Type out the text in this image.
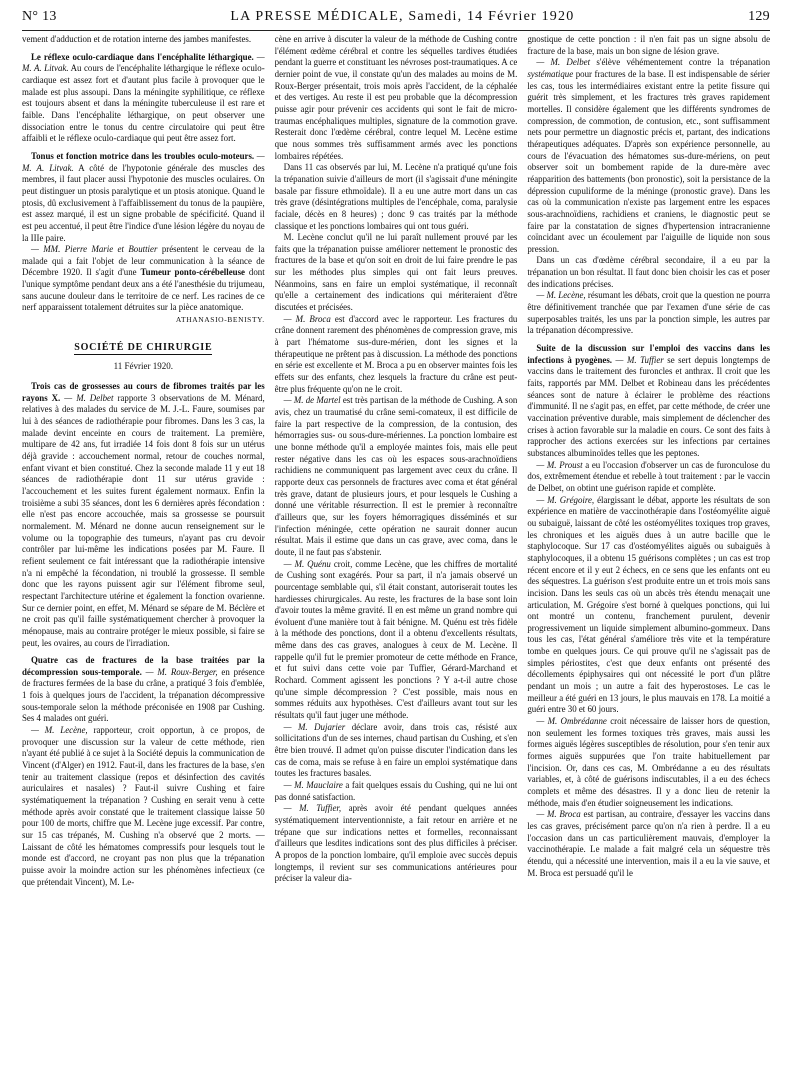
N° 13	LA PRESSE MÉDICALE, Samedi, 14 Février 1920	129

vement d'adduction et de rotation interne des jambes manifestes.

Le réflexe oculo-cardiaque dans l'encéphalite léthargique. — M. A. Litvak. Au cours de l'encéphalite léthargique le réflexe oculo-cardiaque est assez fort et d'autant plus facile à provoquer que le malade est plus assoupi. Dans la méningite syphilitique, ce réflexe est toujours absent et dans la méningite tuberculeuse il est rare et faible. Dans l'encéphalite léthargique, on peut observer une dissociation entre le tonus du centre circulatoire qui peut être affaibli et le réflexe oculo-cardiaque qui peut être assez fort.

Tonus et fonction motrice dans les troubles oculo-moteurs. — M. A. Litvak. A côté de l'hypotonie générale des muscles des membres, il faut placer aussi l'hypotonie des muscles oculaires. On peut distinguer un ptosis paralytique et un ptosis atonique. Quand le ptosis, dû exclusivement à l'affaiblissement du tonus de la paupière, est assez marqué, il est un signe probable de spécificité. Quand il est peu accentué, il peut être l'indice d'une lésion légère du noyau de la IIIe paire.

— MM. Pierre Marie et Bouttier présentent le cerveau de la malade qui a fait l'objet de leur communication à la séance de Décembre 1920. Il s'agit d'une Tumeur ponto-cérébelleuse dont l'unique symptôme pendant deux ans a été l'anesthésie du trijumeau, sans aucune douleur dans le territoire de ce nerf. Les racines de ce nerf apparaissent totalement détruites sur la pièce anatomique.

ATHANASIO-BENISTY.

SOCIÉTÉ DE CHIRURGIE
11 Février 1920.

Trois cas de grossesses au cours de fibromes traités par les rayons X. — M. Delbet rapporte 3 observations de M. Ménard, relatives à des malades du service de M. J.-L. Faure, soumises par lui à des séances de radiothérapie pour fibromes. Dans les 3 cas, la malade devint enceinte en cours de traitement. La première, multipare de 42 ans, fut irradiée 14 fois dont 8 fois sur un utérus déjà gravide : accouchement normal, retour de couches normal, enfant vivant et bien constitué. Chez la seconde malade 11 y eut 18 séances de radiothérapie dont 11 sur utérus gravide : l'accouchement et les suites furent également normaux. Enfin la troisième a subi 35 séances, dont les 6 dernières après fécondation : elle n'est pas encore accouchée, mais sa grossesse se poursuit normalement. M. Ménard ne donne aucun renseignement sur le volume ou la topographie des tumeurs, n'ayant pas cru devoir contrôler par lui-même les indications posées par M. Faure. Il refient seulement ce fait intéressant que la radiothérapie intensive n'a ni empêché la fécondation, ni troublé la grossesse. Il semble donc que les rayons puissent agir sur l'élément fibrome seul, respectant l'architecture utérine et également la fonction ovarienne. Sur ce dernier point, en effet, M. Ménard se sépare de M. Béclère et ne croit pas qu'il faille systématiquement chercher à provoquer la ménopause, mais au contraire protéger le mieux possible, si faire se peut, les ovaires, au cours de l'irradiation.

Quatre cas de fractures de la base traitées par la décompression sous-temporale. — M. Roux-Berger, en présence de fractures fermées de la base du crâne, a pratiqué 3 fois d'emblée, 1 fois à quelques jours de l'accident, la trépanation décompressive sous-temporale selon la méthode préconisée en 1908 par Cushing. Ses 4 malades ont guéri.

— M. Lecène, rapporteur, croit opportun, à ce propos, de provoquer une discussion sur la valeur de cette méthode, rien n'ayant été publié à ce sujet à la Société depuis la communication de Vincent (d'Alger) en 1912. Faut-il, dans les fractures de la base, s'en tenir au traitement classique (repos et désinfection des cavités auriculaires et nasales) ? Faut-il suivre Cushing et faire systématiquement la trépanation ? Cushing en serait venu à cette méthode après avoir constaté que le traitement classique laisse 50 pour 100 de morts, chiffre que M. Lecène juge excessif. Par contre, sur 15 cas trépanés, M. Cushing n'a observé que 2 morts. — Laissant de côté les hématomes compressifs pour lesquels tout le monde est d'accord, ne croyant pas non plus que la trépanation puisse avoir la moindre action sur les phénomènes infectieux (ce que prétendait Vincent), M. Le-

cène en arrive à discuter la valeur de la méthode de Cushing contre l'élément œdème cérébral et contre les séquelles tardives étudiées pendant la guerre et constituant les névroses post-traumatiques. A ce dernier point de vue, il constate qu'un des malades au moins de M. Roux-Berger présentait, trois mois après l'accident, de la céphalée et des vertiges. Au reste il est peu probable que la décompression puisse agir pour prévenir ces accidents qui sont le fait de micro-traumas encéphaliques multiples, signature de la commotion grave. Resterait donc l'œdème cérébral, contre lequel M. Lecène estime que nous sommes très suffisamment armés avec les ponctions lombaires répétées.

Dans 11 cas observés par lui, M. Lecène n'a pratiqué qu'une fois la trépanation suivie d'ailleurs de mort (il s'agissait d'une méningite basale par fissure ethmoïdale). Il a eu une autre mort dans un cas très grave (désintégrations multiples de l'encéphale, coma, paralysie faciale, décès en 8 heures) ; donc 9 cas traités par la méthode classique et les ponctions lombaires qui ont tous guéri.

M. Lecène conclut qu'il ne lui paraît nullement prouvé par les faits que la trépanation puisse améliorer nettement le pronostic des fractures de la base et qu'on soit en droit de lui faire prendre le pas sur les méthodes plus simples qui ont fait leurs preuves. Néanmoins, sans en faire un emploi systématique, il reconnaît qu'elle a certainement des indications qui mériteraient d'être discutées et précisées.

— M. Broca est d'accord avec le rapporteur. Les fractures du crâne donnent rarement des phénomènes de compression grave, mis à part l'hématome sus-dure-mérien, dont les signes et la thérapeutique ne prêtent pas à discussion. La méthode des ponctions en série est excellente et M. Broca a pu en observer maintes fois les effets sur des enfants, chez lesquels la fracture du crâne est peut-être plus fréquente qu'on ne le croit.

— M. de Martel est très partisan de la méthode de Cushing. A son avis, chez un traumatisé du crâne semi-comateux, il est difficile de faire la part respective de la compression, de la contusion, des hémorragies sus- ou sous-dure-mériennes. La ponction lombaire est une bonne méthode qu'il a employée maintes fois, mais elle peut rester négative dans les cas où les espaces sous-arachnoïdiens rachidiens ne communiquent pas largement avec ceux du crâne. Il rapporte deux cas personnels de fractures avec coma et état général très grave, datant de plusieurs jours, et pour lesquels le Cushing a donné une véritable résurrection. Il est le premier à reconnaître d'ailleurs que, sur les foyers hémorragiques disséminés et sur l'infection méningée, cette opération ne saurait donner aucun résultat. Mais il estime que dans un cas grave, avec coma, dans le doute, il ne faut pas s'abstenir.

— M. Quénu croit, comme Lecène, que les chiffres de mortalité de Cushing sont exagérés. Pour sa part, il n'a jamais observé un pourcentage semblable qui, s'il était constant, autoriserait toutes les hardiesses chirurgicales. Au reste, les fractures de la base sont loin d'avoir toutes la même gravité. Il en est même un grand nombre qui évoluent d'une manière tout à fait bénigne. M. Quénu est très fidèle à la méthode des ponctions, dont il a obtenu d'excellents résultats, même dans des cas graves, analogues à ceux de M. Lecène. Il rappelle qu'il fut le premier promoteur de cette méthode en France, et fut suivi dans cette voie par Tuffier, Gérard-Marchand et Rochard. Comment agissent les ponctions ? Y a-t-il autre chose qu'une simple décompression ? C'est possible, mais nous en sommes réduits aux hypothèses. C'est d'ailleurs avant tout sur les résultats qu'il faut juger une méthode.

— M. Dujarier déclare avoir, dans trois cas, résisté aux sollicitations d'un de ses internes, chaud partisan du Cushing, et s'en être bien trouvé. Il admet qu'on puisse discuter l'indication dans les cas de coma, mais se refuse à en faire un emploi systématique dans toutes les fractures basales.

— M. Mauclaire a fait quelques essais du Cushing, qui ne lui ont pas donné satisfaction.

— M. Tuffier, après avoir été pendant quelques années systématiquement interventionniste, a fait retour en arrière et ne trépane que sur indications nettes et formelles, reconnaissant d'ailleurs que lesdites indications sont des plus difficiles à préciser. A propos de la ponction lombaire, qu'il emploie avec succès depuis longtemps, il revient sur ses communications antérieures pour préciser la valeur dia-

gnostique de cette ponction : il n'en fait pas un signe absolu de fracture de la base, mais un bon signe de lésion grave.

— M. Delbet s'élève véhémentement contre la trépanation systématique pour fractures de la base. Il est indispensable de sérier les cas, tous les intermédiaires existant entre la petite fissure qui guérit très simplement, et les fractures très graves rapidement mortelles. Il considère également que les différents syndromes de compression, de commotion, de contusion, etc., sont suffisamment nets pour permettre un diagnostic précis et, partant, des indications thérapeutiques adéquates. D'après son expérience personnelle, au cours de l'évacuation des hématomes sus-dure-mériens, on peut observer soit un bombement rapide de la dure-mère avec réapparition des battements (bon pronostic), soit la persistance de la dépression cupuliforme de la méninge (pronostic grave). Dans les cas où la communication n'existe pas largement entre les espaces sous-arachnoïdiens, rachidiens et craniens, le diagnostic peut se faire par la constatation de signes d'hypertension intracranienne coïncidant avec un écoulement par l'aiguille de liquide non sous pression.

Dans un cas d'œdème cérébral secondaire, il a eu par la trépanation un bon résultat. Il faut donc bien choisir les cas et poser des indications précises.

— M. Lecène, résumant les débats, croit que la question ne pourra être définitivement tranchée que par l'examen d'une série de cas superposables traités, les uns par la ponction simple, les autres par la trépanation décompressive.

Suite de la discussion sur l'emploi des vaccins dans les infections à pyogènes. — M. Tuffier se sert depuis longtemps de vaccins dans le traitement des furoncles et anthrax. Il croit que les faits, rapportés par MM. Delbet et Robineau dans les précédentes séances sont de nature à éclairer le problème des réactions d'immunité. Il ne s'agit pas, en effet, par cette méthode, de créer une vaccination préventive durable, mais simplement de déclencher des crises à action favorable sur la maladie en cours. Ce sont des faits à rapprocher des actions exercées sur les infections par certaines substances albuminoïdes telles que les peptones.

— M. Proust a eu l'occasion d'observer un cas de furonculose du dos, extrêmement étendue et rebelle à tout traitement : par le vaccin de Delbet, on obtint une guérison rapide et complète.

— M. Grégoire, élargissant le débat, apporte les résultats de son expérience en matière de vaccinothérapie dans l'ostéomyélite aiguë ou subaiguë, laissant de côté les ostéomyélites toxiques trop graves, les chroniques et les aiguës dues à un autre bacille que le staphylocoque. Sur 17 cas d'ostéomyélites aiguës ou subaiguës à staphylocoques, il a obtenu 15 guérisons complètes ; un cas est trop récent encore et il y eut 2 échecs, en ce sens que les enfants ont eu des séquestres. La guérison s'est produite entre un et trois mois sans incision. Dans les seuls cas où un abcès très étendu menaçait une articulation, M. Grégoire s'est borné à quelques ponctions, qui lui ont montré un contenu, franchement purulent, devenir progressivement un liquide simplement albumino-gommeux. Dans tous les cas, l'état général s'améliore très vite et la température tombe en quelques jours. Ce qui prouve qu'il ne s'agissait pas de simples périostites, c'est que deux enfants ont présenté des décollements épiphysaires qui ont nécessité le port d'un plâtre pendant un mois ; un autre a fait des hyperostoses. Le cas le meilleur a été guéri en 13 jours, le plus mauvais en 178. La moitié a guéri entre 30 et 60 jours.

— M. Ombrédanne croit nécessaire de laisser hors de question, non seulement les formes toxiques très graves, mais aussi les formes aiguës légères susceptibles de résolution, pour s'en tenir aux formes aiguës suppurées que l'on traite habituellement par l'incision. Or, dans ces cas, M. Ombrédanne a eu des résultats variables, et, à côté de guérisons indiscutables, il a eu des échecs complets et même des désastres. Il y a donc lieu de retenir la méthode, mais d'en étudier soigneusement les indications.

— M. Broca est partisan, au contraire, d'essayer les vaccins dans les cas graves, précisément parce qu'on n'a rien à perdre. Il a eu l'occasion dans un cas particulièrement mauvais, d'employer la vaccinothérapie. Le malade a fait malgré cela un séquestre très étendu, qui a nécessité une intervention, mais il a eu la vie sauve, et M. Broca est persuadé qu'il le
